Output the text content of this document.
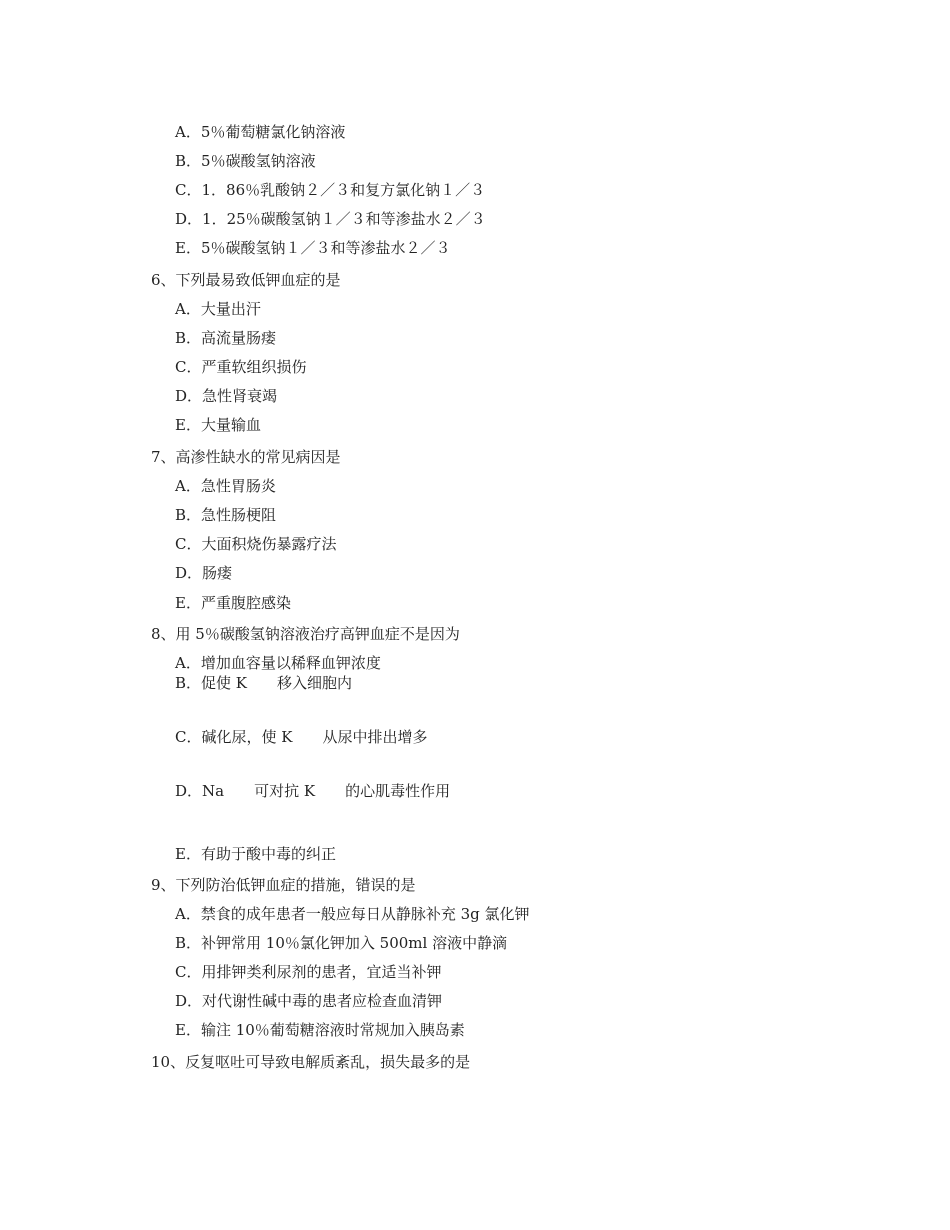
A．5％葡萄糖氯化钠溶液
B．5％碳酸氢钠溶液
C．1．86％乳酸钠２／３和复方氯化钠１／３
D．1．25％碳酸氢钠１／３和等渗盐水２／３
E．5％碳酸氢钠１／３和等渗盐水２／３
6、下列最易致低钾血症的是
A．大量出汗
B．高流量肠瘘
C．严重软组织损伤
D．急性肾衰竭
E．大量输血
7、高渗性缺水的常见病因是
A．急性胃肠炎
B．急性肠梗阻
C．大面积烧伤暴露疗法
D．肠瘘
E．严重腹腔感染
8、用 5％碳酸氢钠溶液治疗高钾血症不是因为
A．增加血容量以稀释血钾浓度
B．促使 K　　移入细胞内
C．碱化尿，使 K　　从尿中排出增多
D．Na　　可对抗 K　　的心肌毒性作用
E．有助于酸中毒的纠正
9、下列防治低钾血症的措施，错误的是
A．禁食的成年患者一般应每日从静脉补充 3g 氯化钾
B．补钾常用 10％氯化钾加入 500ml 溶液中静滴
C．用排钾类利尿剂的患者，宜适当补钾
D．对代谢性碱中毒的患者应检查血清钾
E．输注 10％葡萄糖溶液时常规加入胰岛素
10、反复呕吐可导致电解质紊乱，损失最多的是
